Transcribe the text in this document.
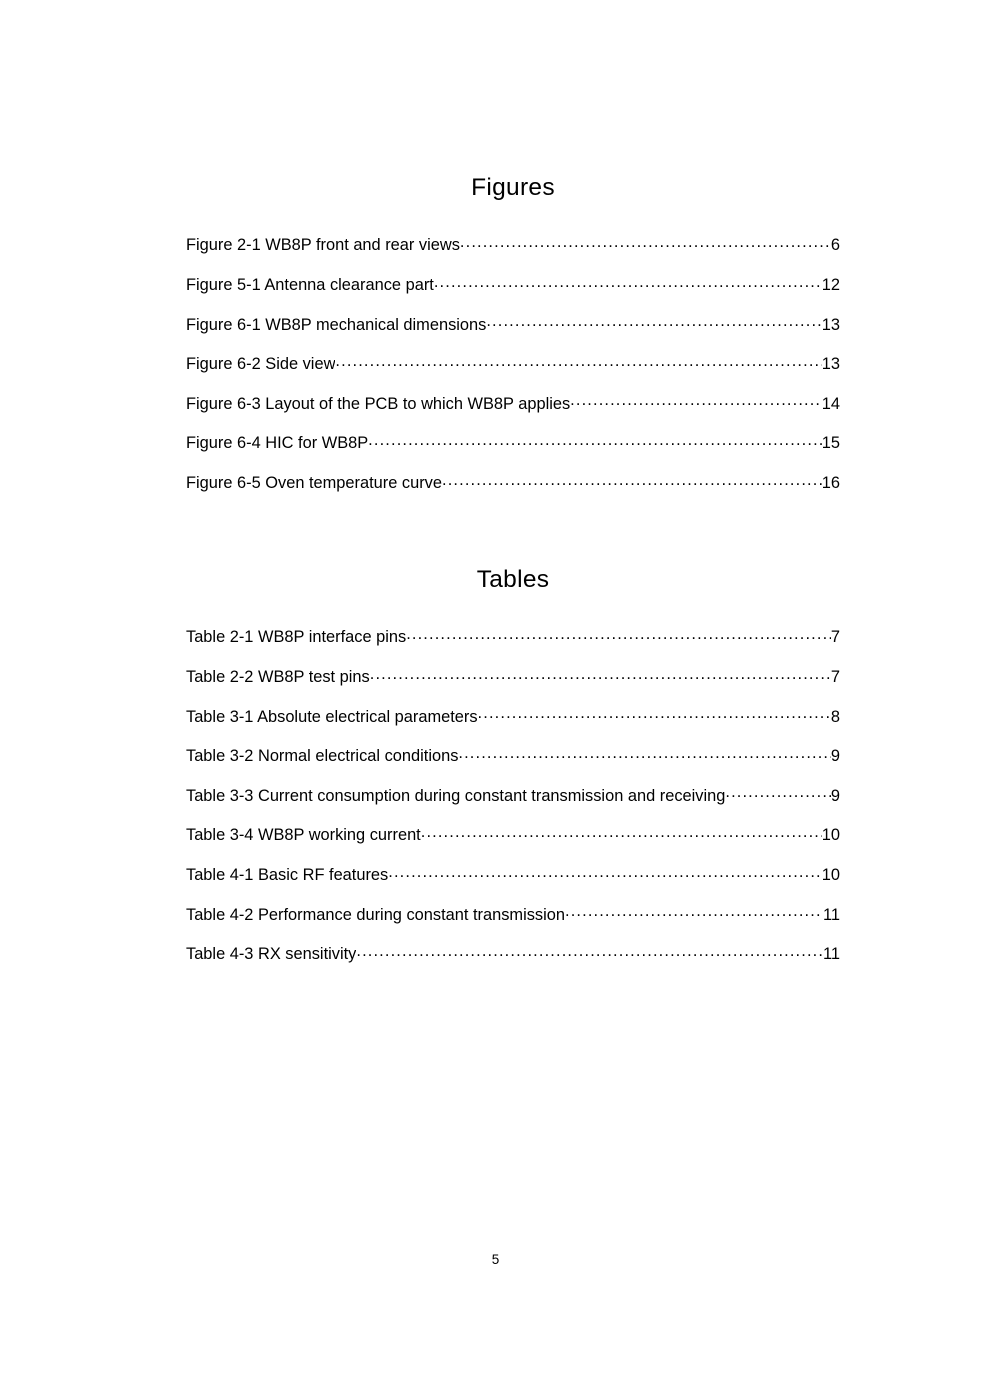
Figures
Figure 2-1 WB8P front and rear views .....	6
Figure 5-1 Antenna clearance part .....	12
Figure 6-1 WB8P mechanical dimensions .....	13
Figure 6-2 Side view .....	13
Figure 6-3 Layout of the PCB to which WB8P applies .....	14
Figure 6-4 HIC for WB8P .....	15
Figure 6-5 Oven temperature curve .....	16
Tables
Table 2-1 WB8P interface pins .....	7
Table 2-2 WB8P test pins .....	7
Table 3-1 Absolute electrical parameters .....	8
Table 3-2 Normal electrical conditions .....	9
Table 3-3 Current consumption during constant transmission and receiving .....	9
Table 3-4 WB8P working current .....	10
Table 4-1 Basic RF features .....	10
Table 4-2 Performance during constant transmission .....	11
Table 4-3 RX sensitivity .....	11
5
